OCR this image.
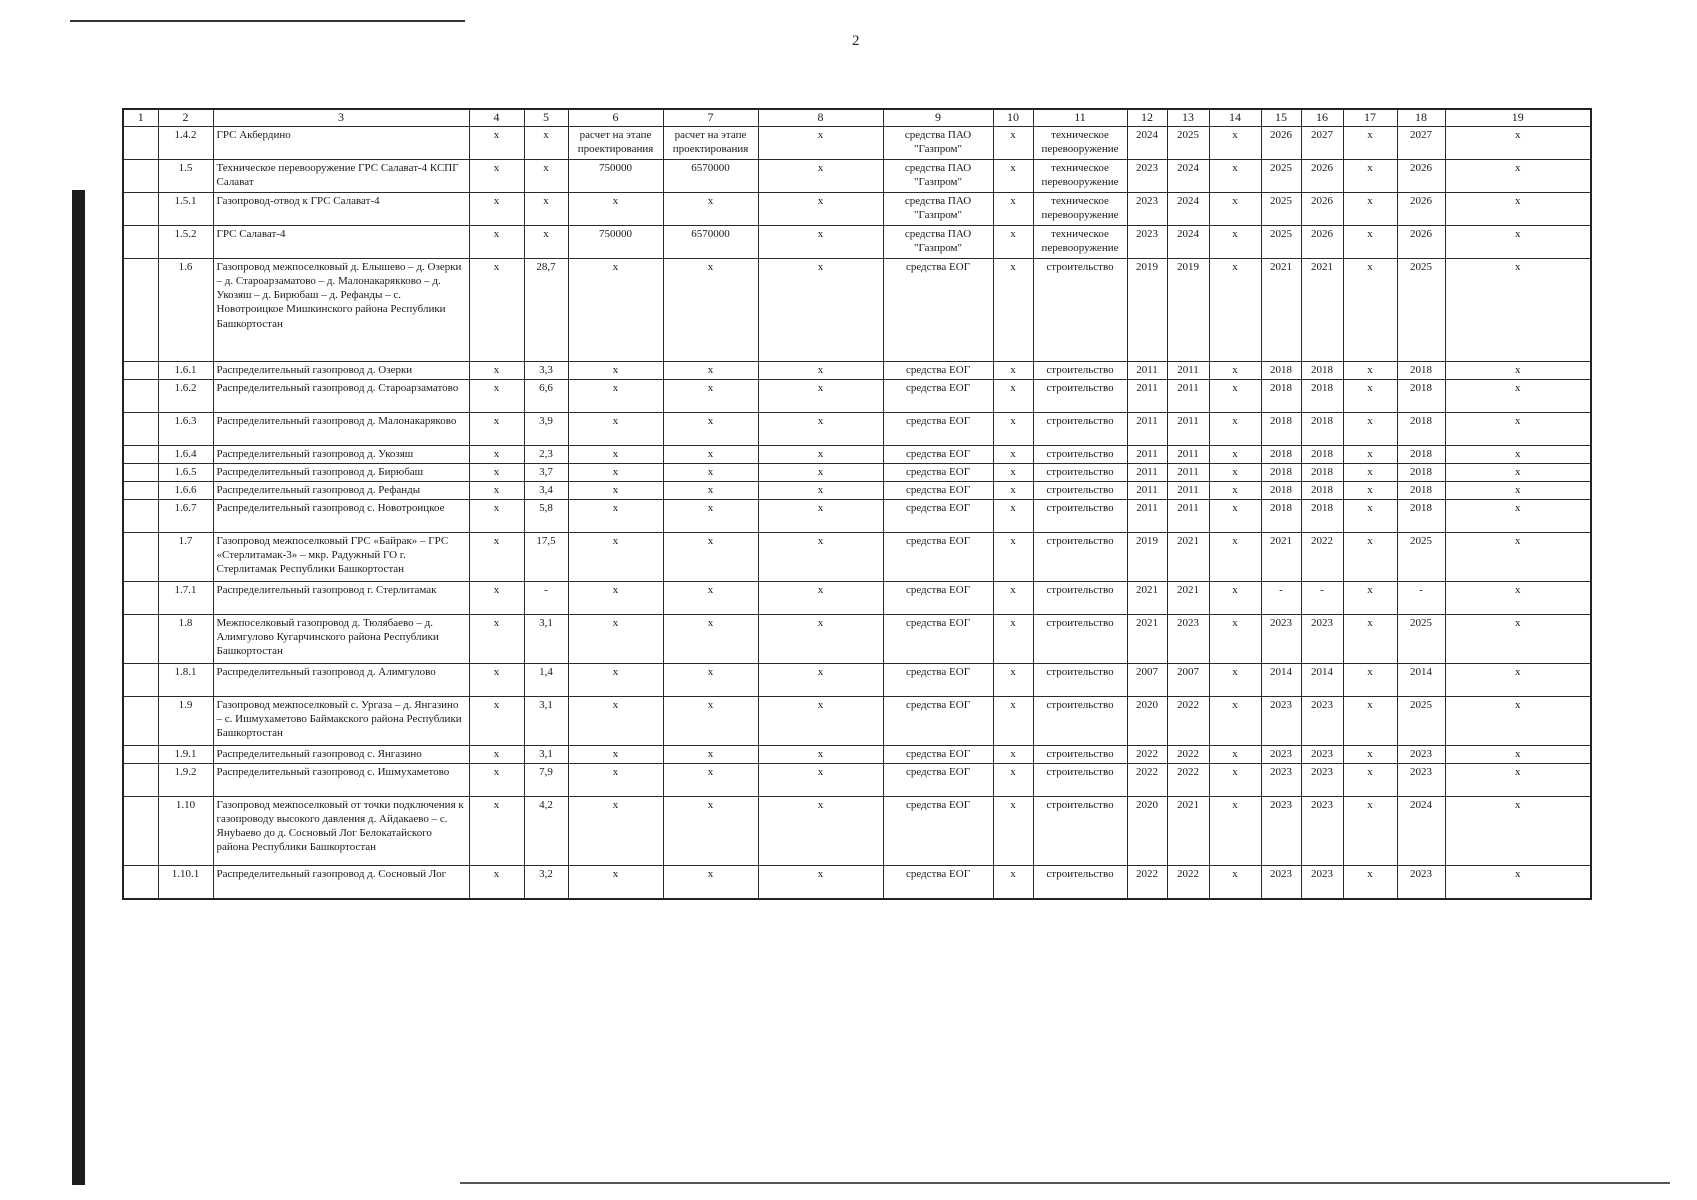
2
1	2	3	4	5	6	7	8	9	10	11	12	13	14	15	16	17	18	19
	1.4.2	ГРС Акбердино	x	x	расчет на этапе проектирования	расчет на этапе проектирования	x	средства ПАО "Газпром"	x	техническое перевооружение	2024	2025	x	2026	2027	x	2027	x
	1.5	Техническое перевооружение ГРС Салават-4 КСПГ Салават	x	x	750000	6570000	x	средства ПАО "Газпром"	x	техническое перевооружение	2023	2024	x	2025	2026	x	2026	x
	1.5.1	Газопровод-отвод к ГРС Салават-4	x	x	x	x	x	средства ПАО "Газпром"	x	техническое перевооружение	2023	2024	x	2025	2026	x	2026	x
	1.5.2	ГРС Салават-4	x	x	750000	6570000	x	средства ПАО "Газпром"	x	техническое перевооружение	2023	2024	x	2025	2026	x	2026	x
	1.6	Газопровод межпоселковый д. Елышево – д. Озерки – д. Староарзаматово – д. Малонакарякково – д. Укозяш – д. Бирюбаш – д. Рефанды – с. Новотроицкое Мишкинского района Республики Башкортостан	x	28,7	x	x	x	средства ЕОГ	x	строительство	2019	2019	x	2021	2021	x	2025	x
	1.6.1	Распределительный газопровод д. Озерки	x	3,3	x	x	x	средства ЕОГ	x	строительство	2011	2011	x	2018	2018	x	2018	x
	1.6.2	Распределительный газопровод д. Староарзаматово	x	6,6	x	x	x	средства ЕОГ	x	строительство	2011	2011	x	2018	2018	x	2018	x
	1.6.3	Распределительный газопровод д. Малонакаряково	x	3,9	x	x	x	средства ЕОГ	x	строительство	2011	2011	x	2018	2018	x	2018	x
	1.6.4	Распределительный газопровод д. Укозяш	x	2,3	x	x	x	средства ЕОГ	x	строительство	2011	2011	x	2018	2018	x	2018	x
	1.6.5	Распределительный газопровод д. Бирюбаш	x	3,7	x	x	x	средства ЕОГ	x	строительство	2011	2011	x	2018	2018	x	2018	x
	1.6.6	Распределительный газопровод д. Рефанды	x	3,4	x	x	x	средства ЕОГ	x	строительство	2011	2011	x	2018	2018	x	2018	x
	1.6.7	Распределительный газопровод с. Новотроицкое	x	5,8	x	x	x	средства ЕОГ	x	строительство	2011	2011	x	2018	2018	x	2018	x
	1.7	Газопровод межпоселковый ГРС «Байрак» – ГРС «Стерлитамак-3» – мкр. Радужный ГО г. Стерлитамак Республики Башкортостан	x	17,5	x	x	x	средства ЕОГ	x	строительство	2019	2021	x	2021	2022	x	2025	x
	1.7.1	Распределительный газопровод г. Стерлитамак	x	-	x	x	x	средства ЕОГ	x	строительство	2021	2021	x	-	-	x	-	x
	1.8	Межпоселковый газопровод д. Тюлябаево – д. Алимгулово Кугарчинского района Республики Башкортостан	x	3,1	x	x	x	средства ЕОГ	x	строительство	2021	2023	x	2023	2023	x	2025	x
	1.8.1	Распределительный газопровод д. Алимгулово	x	1,4	x	x	x	средства ЕОГ	x	строительство	2007	2007	x	2014	2014	x	2014	x
	1.9	Газопровод межпоселковый с. Ургаза – д. Янгазино – с. Ишмухаметово Баймакского района Республики Башкортостан	x	3,1	x	x	x	средства ЕОГ	x	строительство	2020	2022	x	2023	2023	x	2025	x
	1.9.1	Распределительный газопровод с. Янгазино	x	3,1	x	x	x	средства ЕОГ	x	строительство	2022	2022	x	2023	2023	x	2023	x
	1.9.2	Распределительный газопровод с. Ишмухаметово	x	7,9	x	x	x	средства ЕОГ	x	строительство	2022	2022	x	2023	2023	x	2023	x
	1.10	Газопровод межпоселковый от точки подключения к газопроводу высокого давления д. Айдакаево – с. Янybaево до д. Сосновый Лог Белокатайского района Республики Башкортостан	x	4,2	x	x	x	средства ЕОГ	x	строительство	2020	2021	x	2023	2023	x	2024	x
	1.10.1	Распределительный газопровод д. Сосновый Лог	x	3,2	x	x	x	средства ЕОГ	x	строительство	2022	2022	x	2023	2023	x	2023	x
